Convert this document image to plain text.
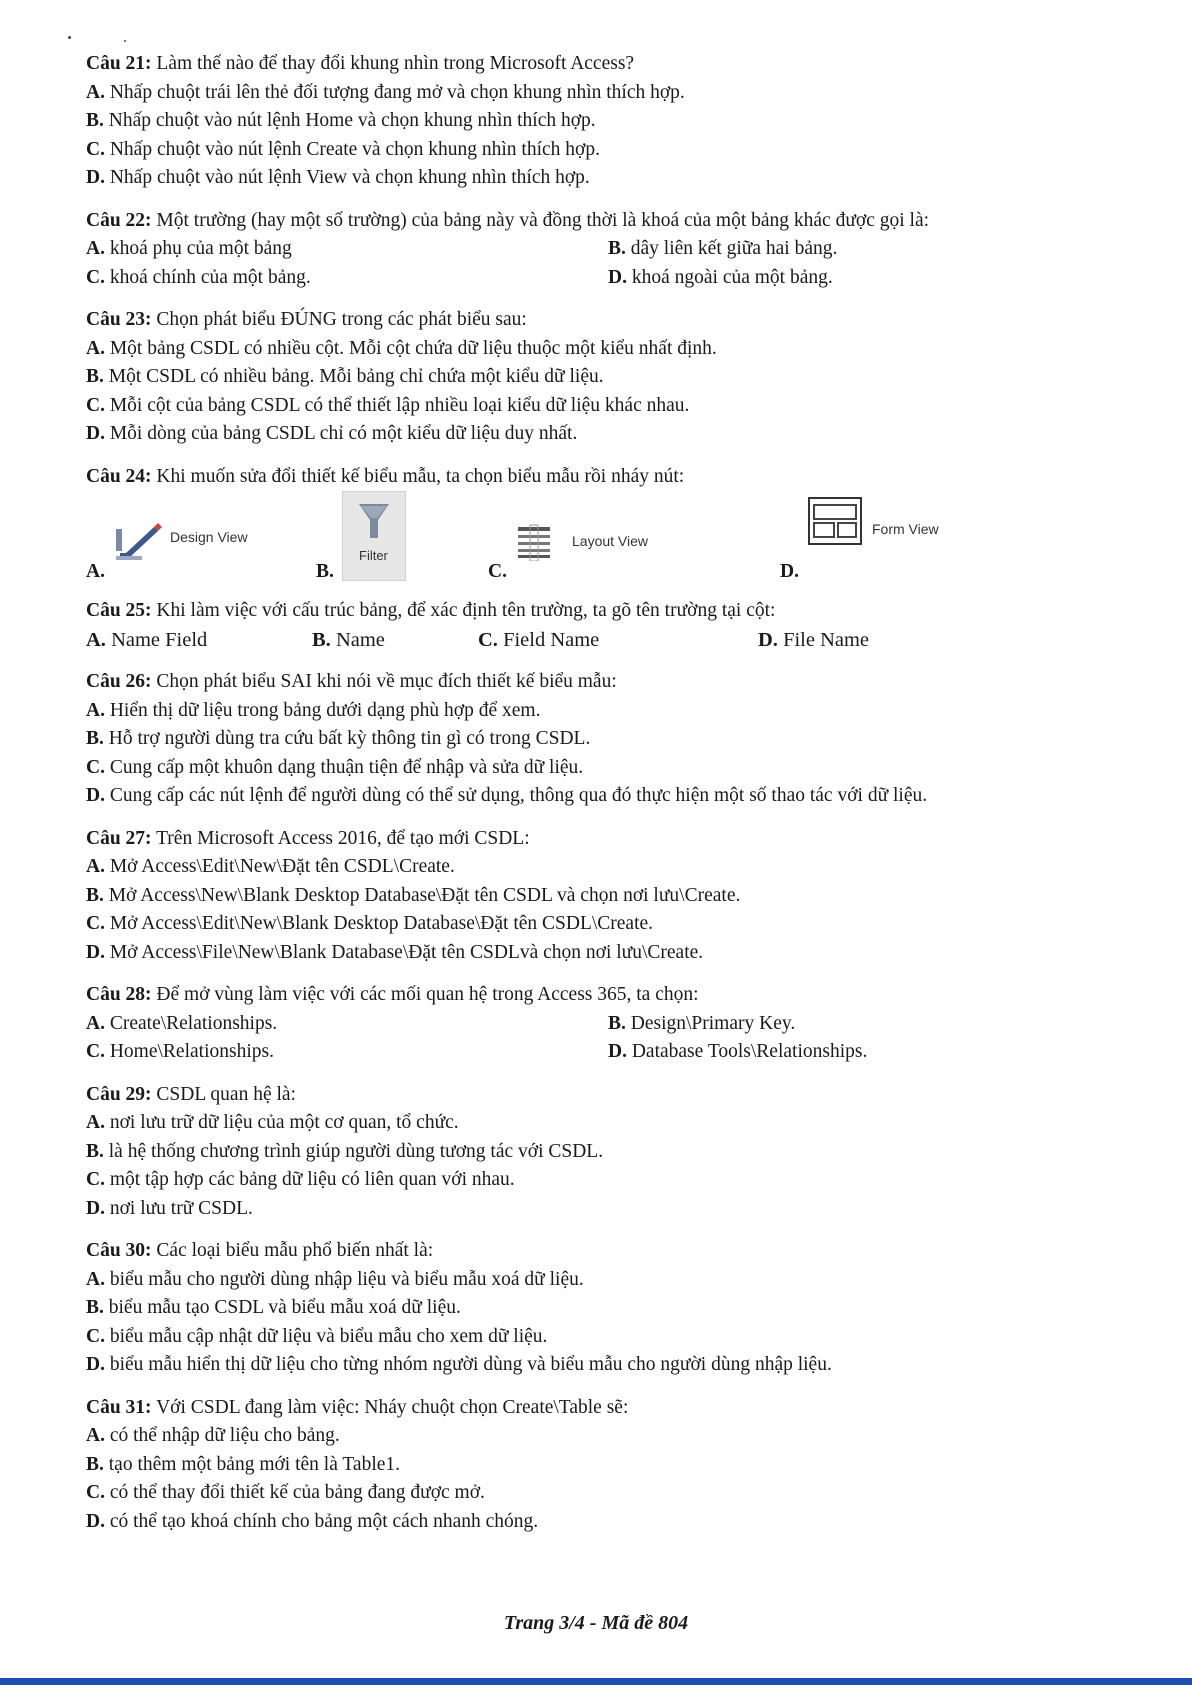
Câu 21: Làm thế nào để thay đổi khung nhìn trong Microsoft Access?
A. Nhấp chuột trái lên thẻ đối tượng đang mở và chọn khung nhìn thích hợp.
B. Nhấp chuột vào nút lệnh Home và chọn khung nhìn thích hợp.
C. Nhấp chuột vào nút lệnh Create và chọn khung nhìn thích hợp.
D. Nhấp chuột vào nút lệnh View và chọn khung nhìn thích hợp.
Câu 22: Một trường (hay một số trường) của bảng này và đồng thời là khoá của một bảng khác được gọi là:
A. khoá phụ của một bảng	B. dây liên kết giữa hai bảng.
C. khoá chính của một bảng.	D. khoá ngoài của một bảng.
Câu 23: Chọn phát biểu ĐÚNG trong các phát biểu sau:
A. Một bảng CSDL có nhiều cột. Mỗi cột chứa dữ liệu thuộc một kiểu nhất định.
B. Một CSDL có nhiều bảng. Mỗi bảng chỉ chứa một kiểu dữ liệu.
C. Mỗi cột của bảng CSDL có thể thiết lập nhiều loại kiểu dữ liệu khác nhau.
D. Mỗi dòng của bảng CSDL chỉ có một kiểu dữ liệu duy nhất.
Câu 24: Khi muốn sửa đổi thiết kế biểu mẫu, ta chọn biểu mẫu rồi nháy nút:
A.
Design View
B.
Filter
C.
Layout View
D.
Form View
Câu 25: Khi làm việc với cấu trúc bảng, để xác định tên trường, ta gõ tên trường tại cột:
A. Name Field	B. Name	C. Field Name	D. File Name
Câu 26: Chọn phát biểu SAI khi nói về mục đích thiết kế biểu mẫu:
A. Hiển thị dữ liệu trong bảng dưới dạng phù hợp để xem.
B. Hỗ trợ người dùng tra cứu bất kỳ thông tin gì có trong CSDL.
C. Cung cấp một khuôn dạng thuận tiện để nhập và sửa dữ liệu.
D. Cung cấp các nút lệnh để người dùng có thể sử dụng, thông qua đó thực hiện một số thao tác với dữ liệu.
Câu 27: Trên Microsoft Access 2016, để tạo mới CSDL:
A. Mở Access\Edit\New\Đặt tên CSDL\Create.
B. Mở Access\New\Blank Desktop Database\Đặt tên CSDL và chọn nơi lưu\Create.
C. Mở Access\Edit\New\Blank Desktop Database\Đặt tên CSDL\Create.
D. Mở Access\File\New\Blank Database\Đặt tên CSDLvà chọn nơi lưu\Create.
Câu 28: Để mở vùng làm việc với các mối quan hệ trong Access 365, ta chọn:
A. Create\Relationships.	B. Design\Primary Key.
C. Home\Relationships.	D. Database Tools\Relationships.
Câu 29: CSDL quan hệ là:
A. nơi lưu trữ dữ liệu của một cơ quan, tổ chức.
B. là hệ thống chương trình giúp người dùng tương tác với CSDL.
C. một tập hợp các bảng dữ liệu có liên quan với nhau.
D. nơi lưu trữ CSDL.
Câu 30: Các loại biểu mẫu phổ biến nhất là:
A. biểu mẫu cho người dùng nhập liệu và biểu mẫu xoá dữ liệu.
B. biểu mẫu tạo CSDL và biểu mẫu xoá dữ liệu.
C. biểu mẫu cập nhật dữ liệu và biểu mẫu cho xem dữ liệu.
D. biểu mẫu hiển thị dữ liệu cho từng nhóm người dùng và biểu mẫu cho người dùng nhập liệu.
Câu 31: Với CSDL đang làm việc: Nháy chuột chọn Create\Table sẽ:
A. có thể nhập dữ liệu cho bảng.
B. tạo thêm một bảng mới tên là Table1.
C. có thể thay đổi thiết kế của bảng đang được mở.
D. có thể tạo khoá chính cho bảng một cách nhanh chóng.
Trang 3/4 - Mã đề 804
